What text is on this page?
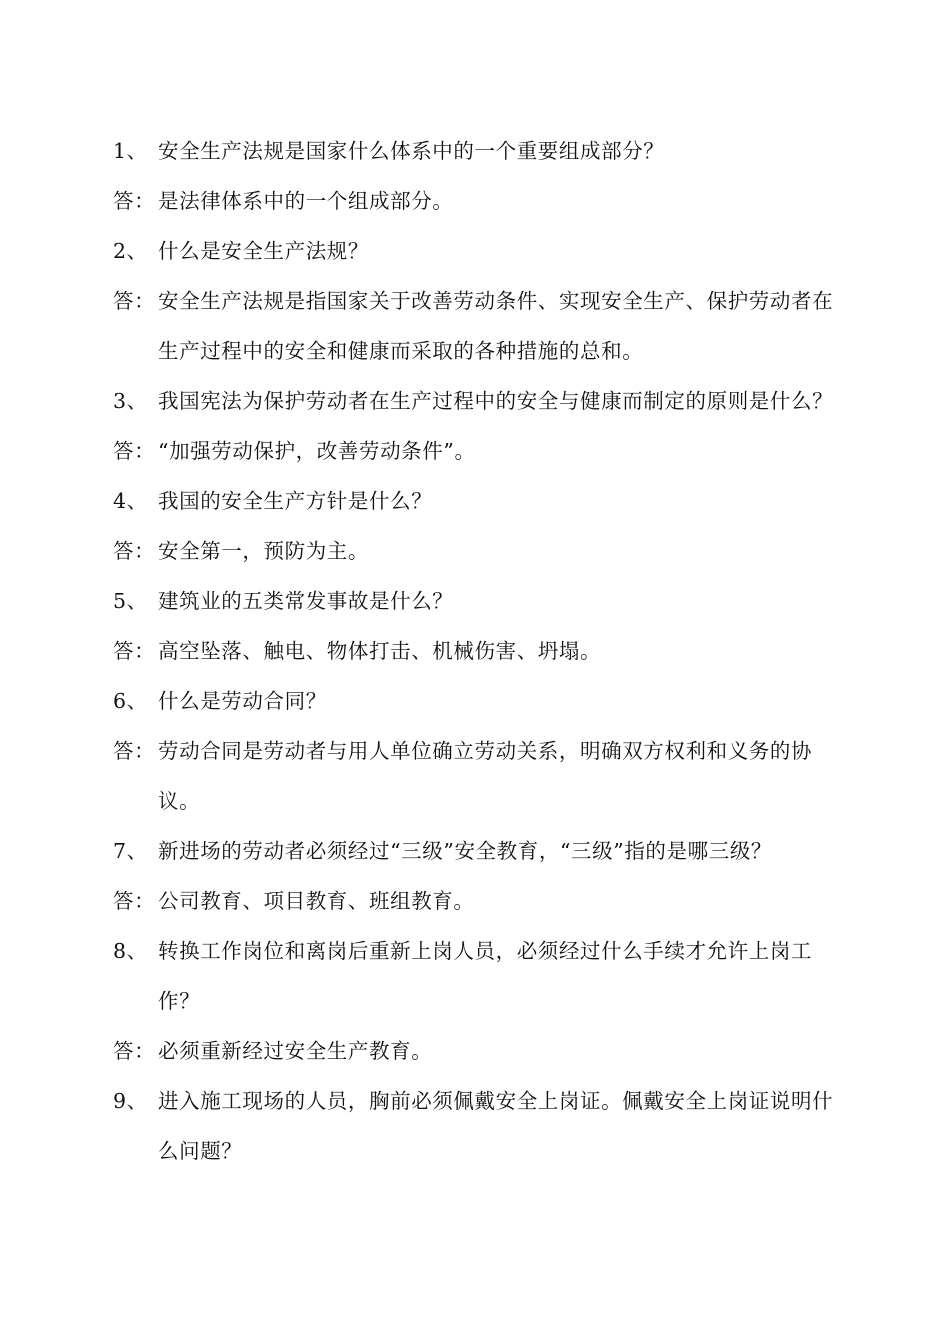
1、 安全生产法规是国家什么体系中的一个重要组成部分？
答： 是法律体系中的一个组成部分。
2、 什么是安全生产法规？
答： 安全生产法规是指国家关于改善劳动条件、实现安全生产、保护劳动者在生产过程中的安全和健康而采取的各种措施的总和。
3、 我国宪法为保护劳动者在生产过程中的安全与健康而制定的原则是什么？
答： “加强劳动保护，改善劳动条件”。
4、 我国的安全生产方针是什么？
答： 安全第一，预防为主。
5、 建筑业的五类常发事故是什么？
答： 高空坠落、触电、物体打击、机械伤害、坍塌。
6、 什么是劳动合同？
答： 劳动合同是劳动者与用人单位确立劳动关系，明确双方权利和义务的协议。
7、 新进场的劳动者必须经过“三级”安全教育，“三级”指的是哪三级？
答： 公司教育、项目教育、班组教育。
8、 转换工作岗位和离岗后重新上岗人员，必须经过什么手续才允许上岗工作？
答： 必须重新经过安全生产教育。
9、 进入施工现场的人员，胸前必须佩戴安全上岗证。佩戴安全上岗证说明什么问题？
